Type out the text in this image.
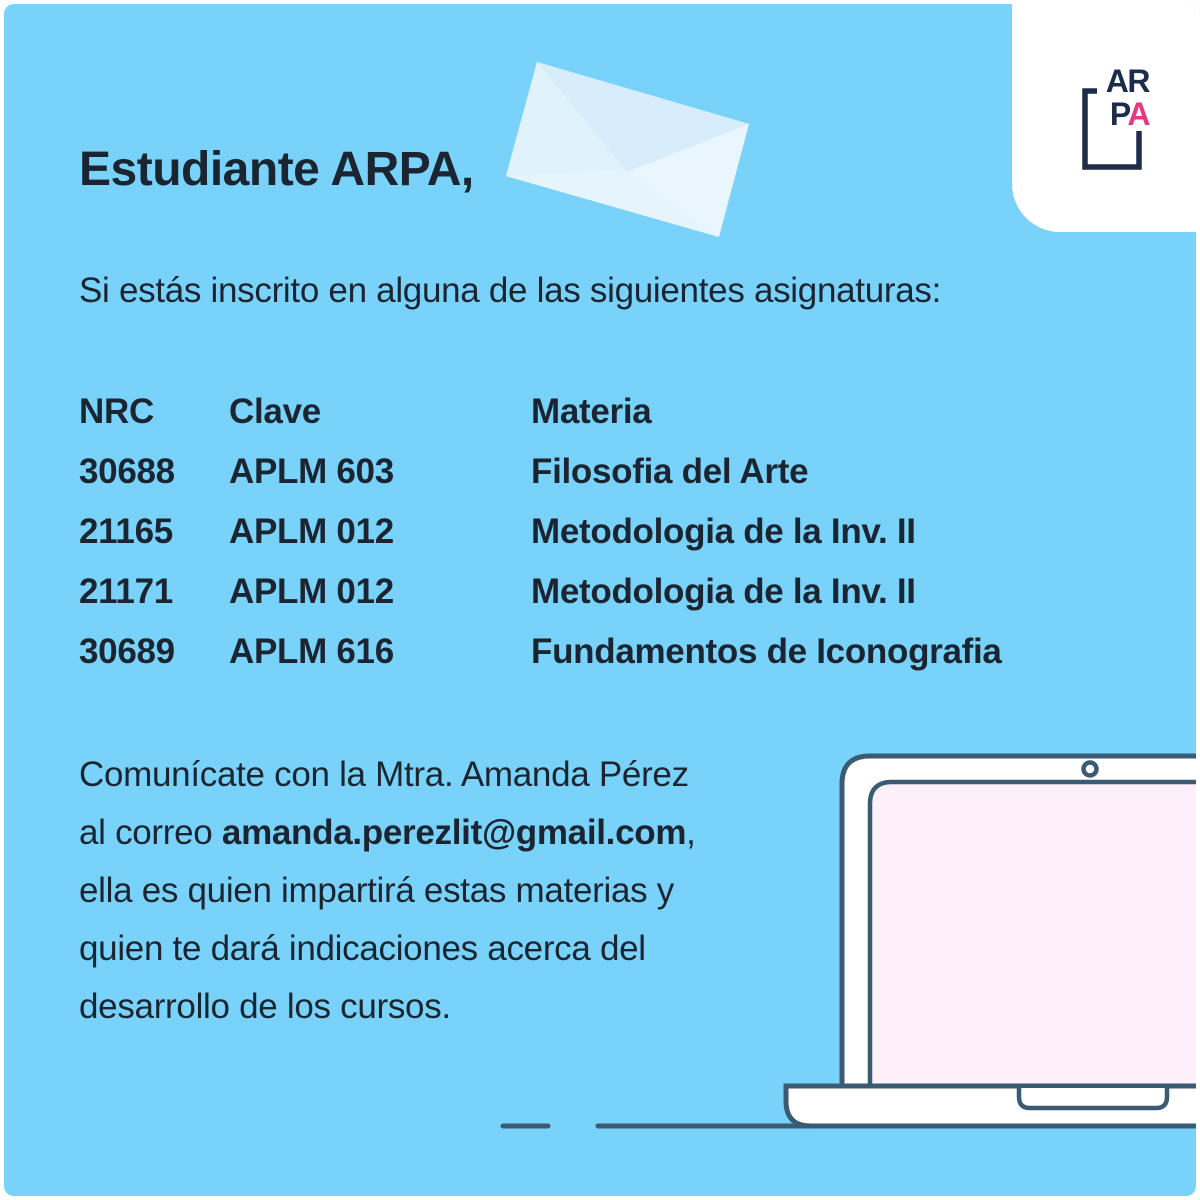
AR
PA
Estudiante ARPA,

Si estás inscrito en alguna de las siguientes asignaturas:

NRC	Clave	Materia
30688	APLM 603	Filosofia del Arte
21165	APLM 012	Metodologia de la Inv. II
21171	APLM 012	Metodologia de la Inv. II
30689	APLM 616	Fundamentos de Iconografia

Comunícate con la Mtra. Amanda Pérez

al correo amanda.perezlit@gmail.com,

ella es quien impartirá estas materias y

quien te dará indicaciones acerca del

desarrollo de los cursos.
